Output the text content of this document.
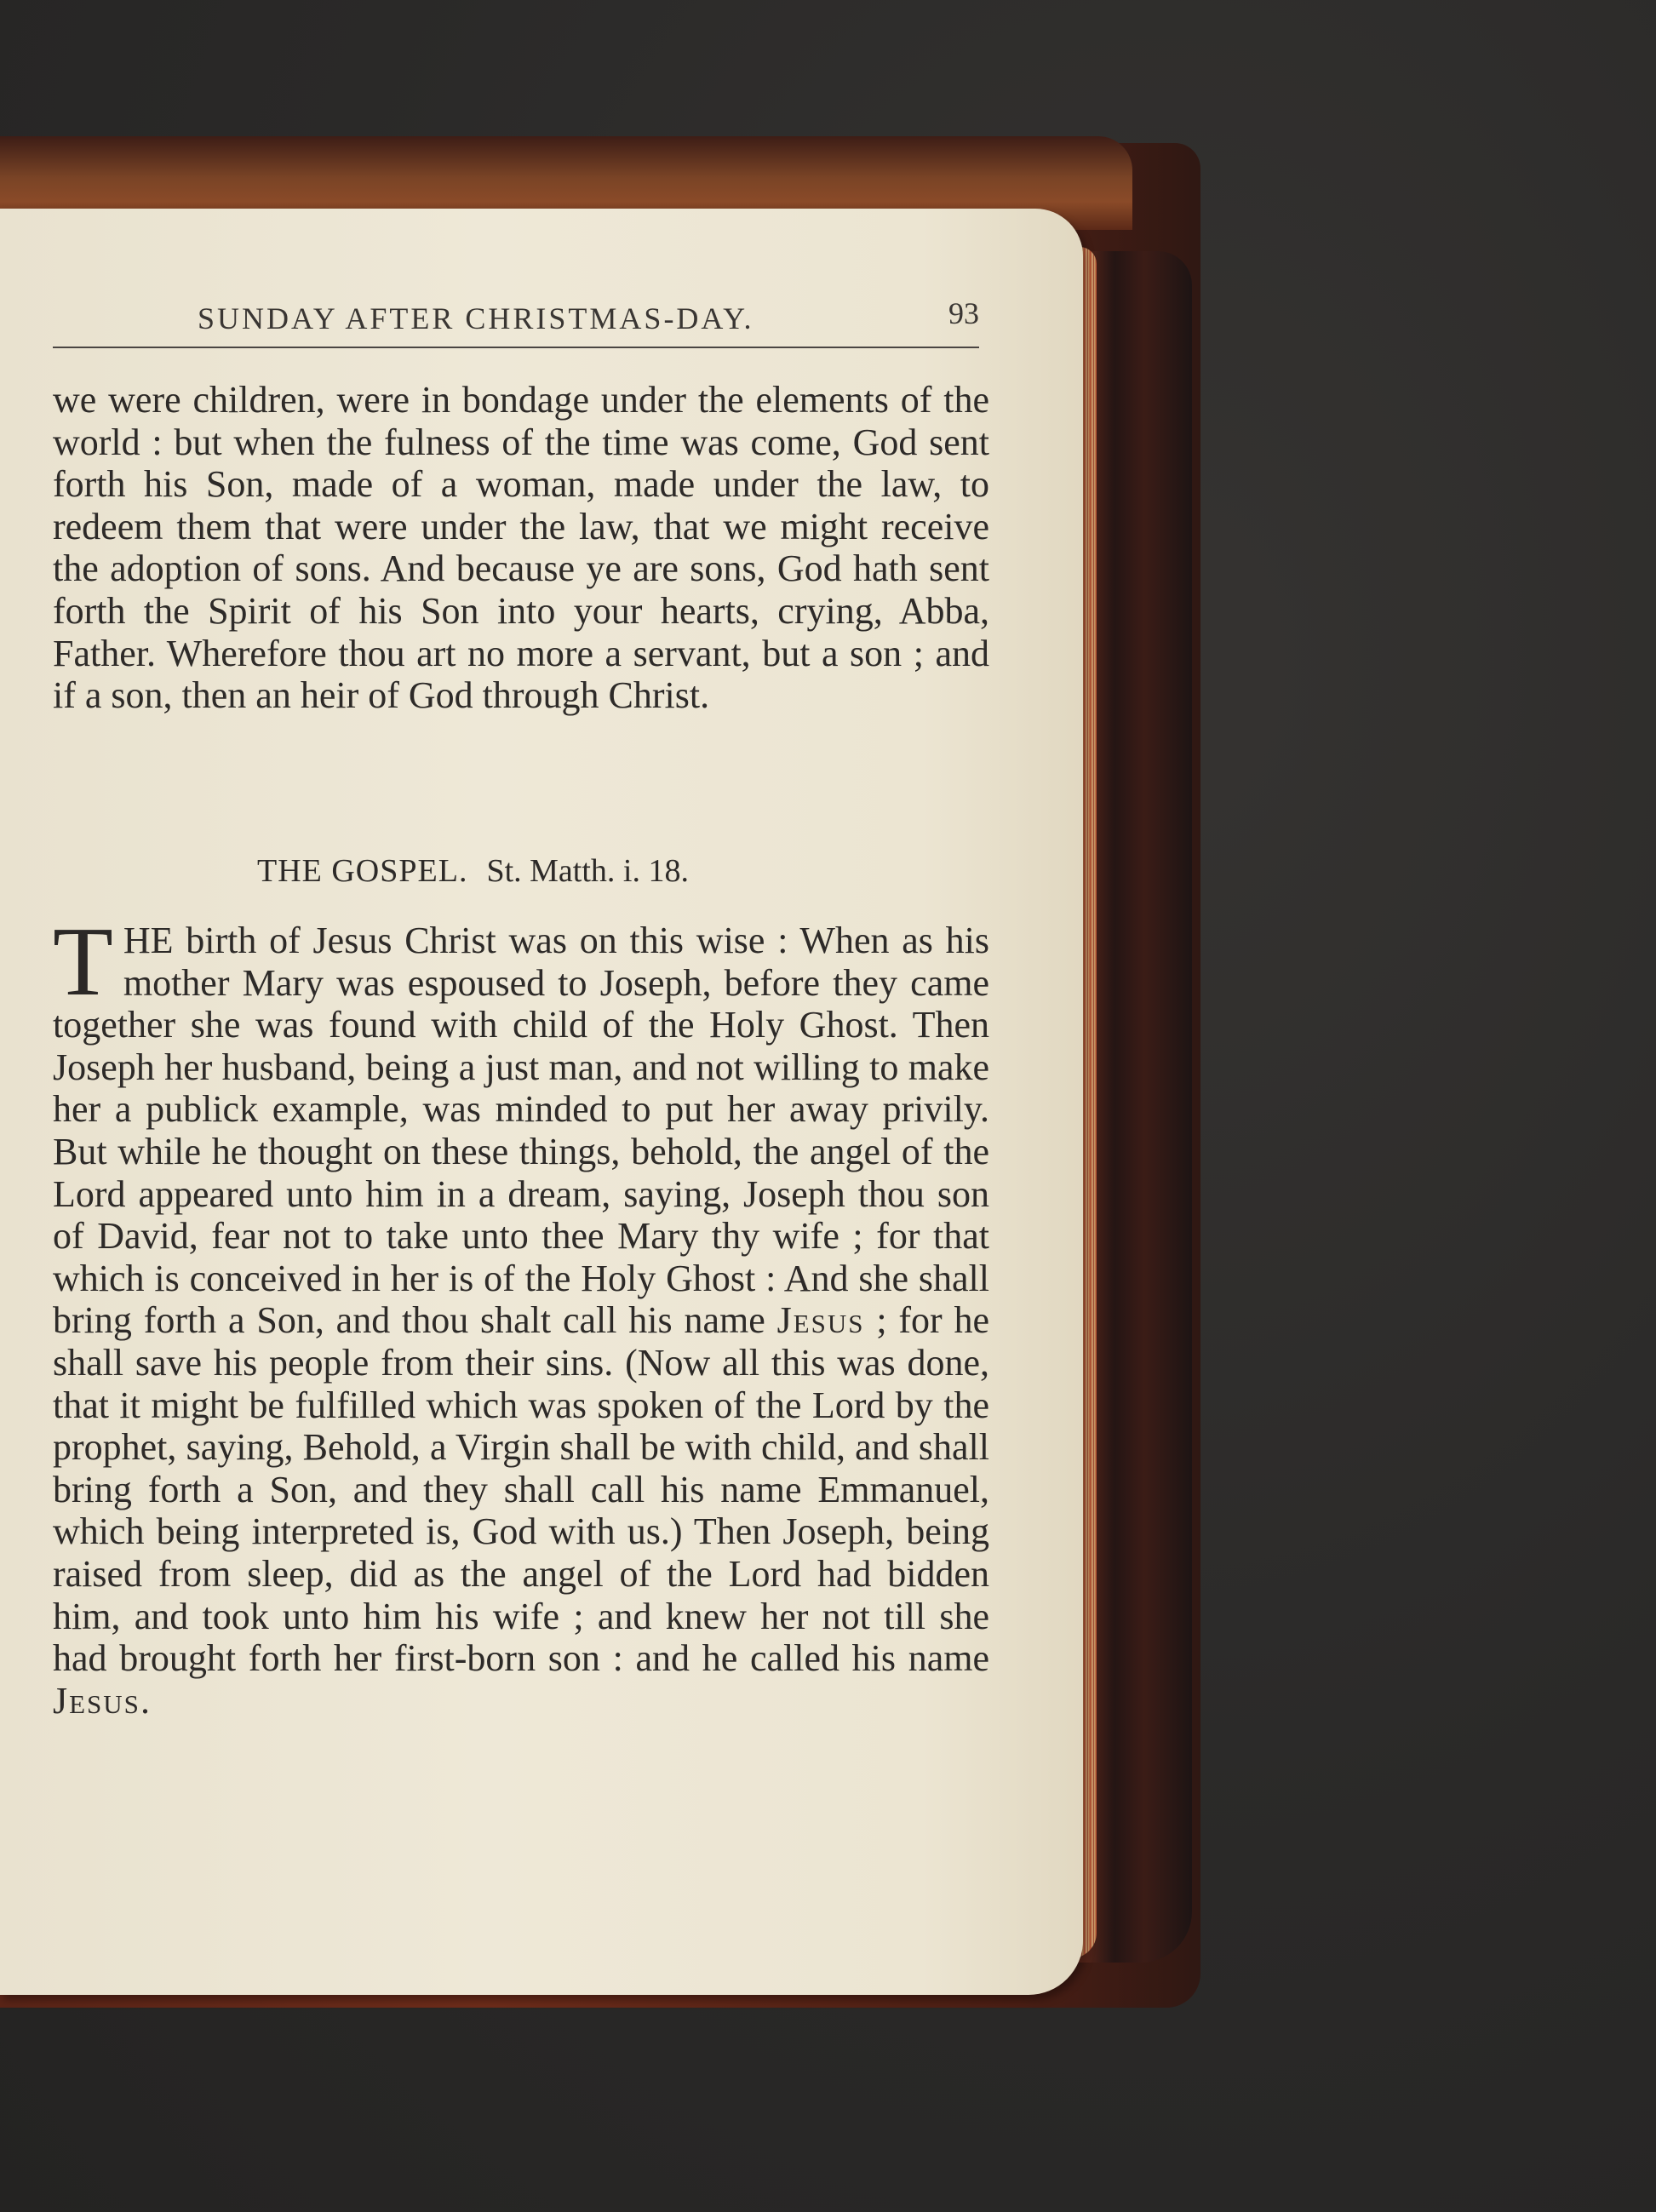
SUNDAY AFTER CHRISTMAS-DAY.	93

we were children, were in bondage under the elements of the world : but when the fulness of the time was come, God sent forth his Son, made of a woman, made under the law, to redeem them that were under the law, that we might receive the adoption of sons. And because ye are sons, God hath sent forth the Spirit of his Son into your hearts, crying, Abba, Father. Wherefore thou art no more a servant, but a son ; and if a son, then an heir of God through Christ.

THE GOSPEL. St. Matth. i. 18.

THE birth of Jesus Christ was on this wise : When as his mother Mary was espoused to Joseph, before they came together she was found with child of the Holy Ghost. Then Joseph her husband, being a just man, and not willing to make her a publick example, was minded to put her away privily. But while he thought on these things, behold, the angel of the Lord appeared unto him in a dream, saying, Joseph thou son of David, fear not to take unto thee Mary thy wife ; for that which is conceived in her is of the Holy Ghost : And she shall bring forth a Son, and thou shalt call his name Jesus ; for he shall save his people from their sins. (Now all this was done, that it might be fulfilled which was spoken of the Lord by the prophet, saying, Behold, a Virgin shall be with child, and shall bring forth a Son, and they shall call his name Emmanuel, which being interpreted is, God with us.) Then Joseph, being raised from sleep, did as the angel of the Lord had bidden him, and took unto him his wife ; and knew her not till she had brought forth her first-born son : and he called his name Jesus.
